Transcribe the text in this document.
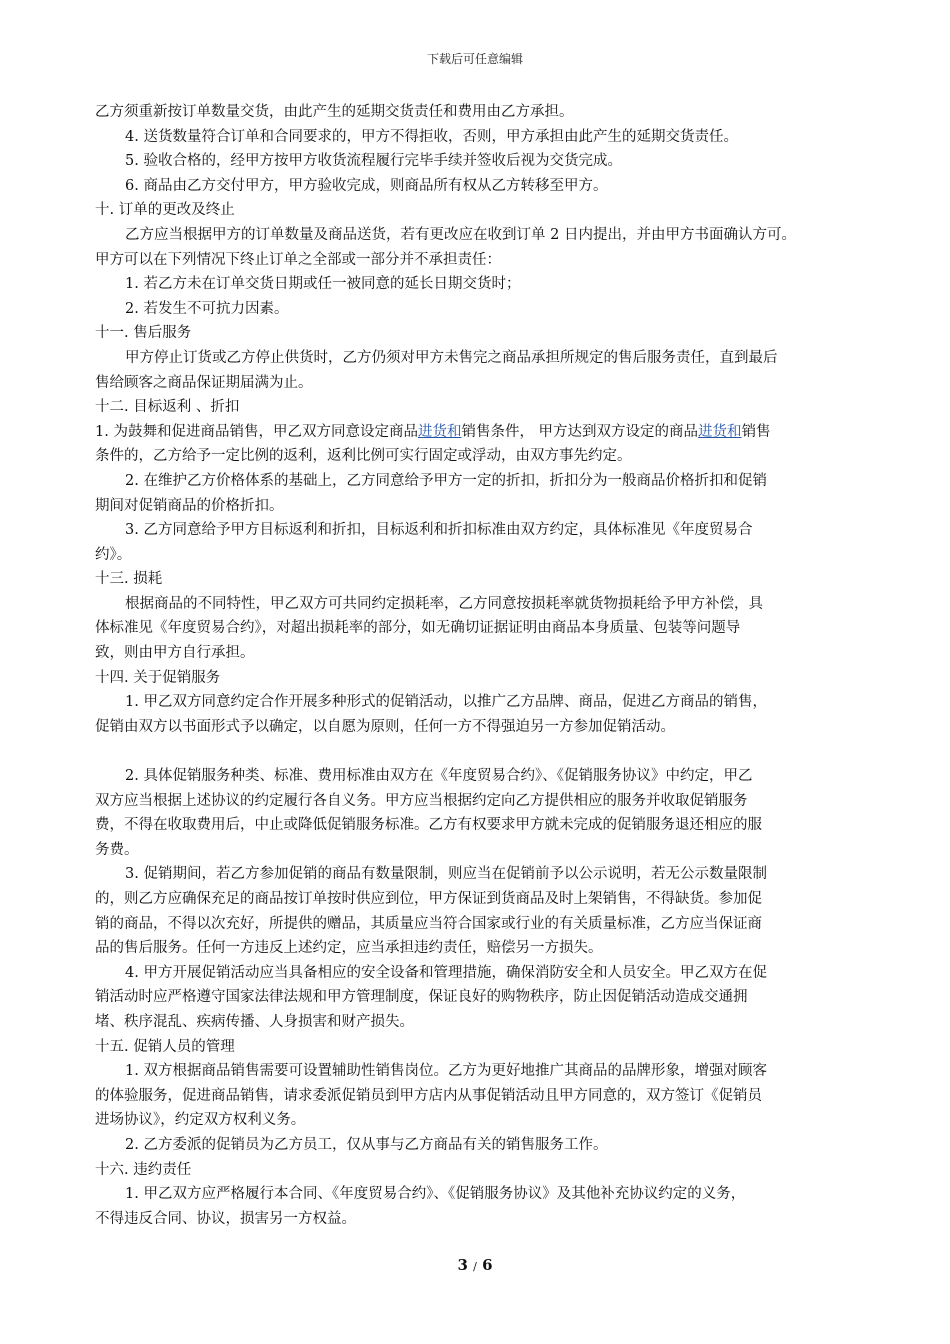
下载后可任意编辑
乙方须重新按订单数量交货，由此产生的延期交货责任和费用由乙方承担。
4. 送货数量符合订单和合同要求的，甲方不得拒收，否则，甲方承担由此产生的延期交货责任。
5. 验收合格的，经甲方按甲方收货流程履行完毕手续并签收后视为交货完成。
6. 商品由乙方交付甲方，甲方验收完成，则商品所有权从乙方转移至甲方。
十. 订单的更改及终止
乙方应当根据甲方的订单数量及商品送货，若有更改应在收到订单 2 日内提出，并由甲方书面确认方可。
甲方可以在下列情况下终止订单之全部或一部分并不承担责任：
1. 若乙方未在订单交货日期或任一被同意的延长日期交货时；
2. 若发生不可抗力因素。
十一. 售后服务
甲方停止订货或乙方停止供货时，乙方仍须对甲方未售完之商品承担所规定的售后服务责任，直到最后
售给顾客之商品保证期届满为止。
十二. 目标返利 、折扣
1. 为鼓舞和促进商品销售，甲乙双方同意设定商品进货和销售条件， 甲方达到双方设定的商品进货和销售
条件的，乙方给予一定比例的返利，返利比例可实行固定或浮动，由双方事先约定。
2. 在维护乙方价格体系的基础上，乙方同意给予甲方一定的折扣，折扣分为一般商品价格折扣和促销
期间对促销商品的价格折扣。
3. 乙方同意给予甲方目标返利和折扣，目标返利和折扣标准由双方约定，具体标准见《年度贸易合
约》。
十三. 损耗
根据商品的不同特性，甲乙双方可共同约定损耗率，乙方同意按损耗率就货物损耗给予甲方补偿，具
体标准见《年度贸易合约》，对超出损耗率的部分，如无确切证据证明由商品本身质量、包装等问题导
致，则由甲方自行承担。
十四. 关于促销服务
1. 甲乙双方同意约定合作开展多种形式的促销活动，以推广乙方品牌、商品，促进乙方商品的销售，
促销由双方以书面形式予以确定，以自愿为原则，任何一方不得强迫另一方参加促销活动。
2. 具体促销服务种类、标准、费用标准由双方在《年度贸易合约》、《促销服务协议》中约定，甲乙
双方应当根据上述协议的约定履行各自义务。甲方应当根据约定向乙方提供相应的服务并收取促销服务
费，不得在收取费用后，中止或降低促销服务标准。乙方有权要求甲方就未完成的促销服务退还相应的服
务费。
3. 促销期间，若乙方参加促销的商品有数量限制，则应当在促销前予以公示说明，若无公示数量限制
的，则乙方应确保充足的商品按订单按时供应到位，甲方保证到货商品及时上架销售，不得缺货。参加促
销的商品，不得以次充好，所提供的赠品，其质量应当符合国家或行业的有关质量标准，乙方应当保证商
品的售后服务。任何一方违反上述约定，应当承担违约责任，赔偿另一方损失。
4. 甲方开展促销活动应当具备相应的安全设备和管理措施，确保消防安全和人员安全。甲乙双方在促
销活动时应严格遵守国家法律法规和甲方管理制度，保证良好的购物秩序，防止因促销活动造成交通拥
堵、秩序混乱、疾病传播、人身损害和财产损失。
十五. 促销人员的管理
1. 双方根据商品销售需要可设置辅助性销售岗位。乙方为更好地推广其商品的品牌形象，增强对顾客
的体验服务，促进商品销售，请求委派促销员到甲方店内从事促销活动且甲方同意的，双方签订《促销员
进场协议》，约定双方权利义务。
2. 乙方委派的促销员为乙方员工，仅从事与乙方商品有关的销售服务工作。
十六. 违约责任
1. 甲乙双方应严格履行本合同、《年度贸易合约》、《促销服务协议》及其他补充协议约定的义务，
不得违反合同、协议，损害另一方权益。
3 / 6
